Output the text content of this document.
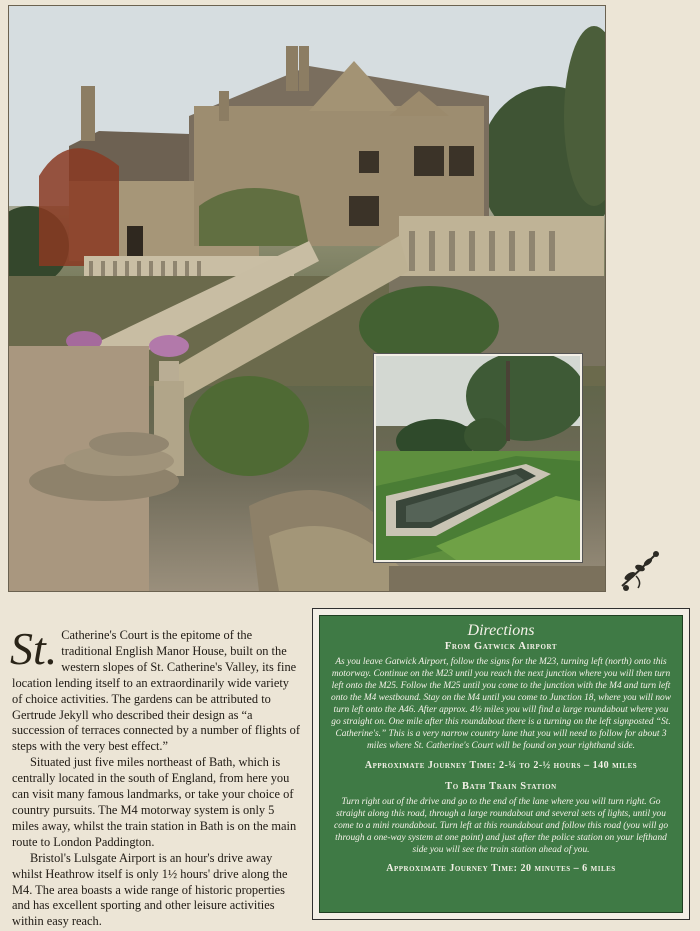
St. Catherine's Court is the epitome of the traditional English Manor House, built on the western slopes of St. Catherine's Valley, its fine location lending itself to an extraordinarily wide variety of choice activities. The gardens can be attributed to Gertrude Jekyll who described their design as “a succession of terraces connected by a number of flights of steps with the very best effect.”

Situated just five miles northeast of Bath, which is centrally located in the south of England, from here you can visit many famous landmarks, or take your choice of country pursuits. The M4 motorway system is only 5 miles away, whilst the train station in Bath is on the main route to London Paddington.

Bristol's Lulsgate Airport is an hour's drive away whilst Heathrow itself is only 1½ hours' drive along the M4. The area boasts a wide range of historic properties and has excellent sporting and other leisure activities within easy reach.

Directions
From Gatwick Airport

As you leave Gatwick Airport, follow the signs for the M23, turning left (north) onto this motorway. Continue on the M23 until you reach the next junction where you will then turn left onto the M25. Follow the M25 until you come to the junction with the M4 and turn left onto the M4 westbound. Stay on the M4 until you come to Junction 18, where you will now turn left onto the A46. After approx. 4½ miles you will find a large roundabout where you go straight on. One mile after this roundabout there is a turning on the left signposted “St. Catherine's.” This is a very narrow country lane that you will need to follow for about 3 miles where St. Catherine's Court will be found on your righthand side.

Approximate Journey Time: 2-¼ to 2-½ hours – 140 miles
To Bath Train Station

Turn right out of the drive and go to the end of the lane where you will turn right. Go straight along this road, through a large roundabout and several sets of lights, until you come to a mini roundabout. Turn left at this roundabout and follow this road (you will go through a one-way system at one point) and just after the police station on your lefthand side you will see the train station ahead of you.

Approximate Journey Time: 20 minutes – 6 miles
